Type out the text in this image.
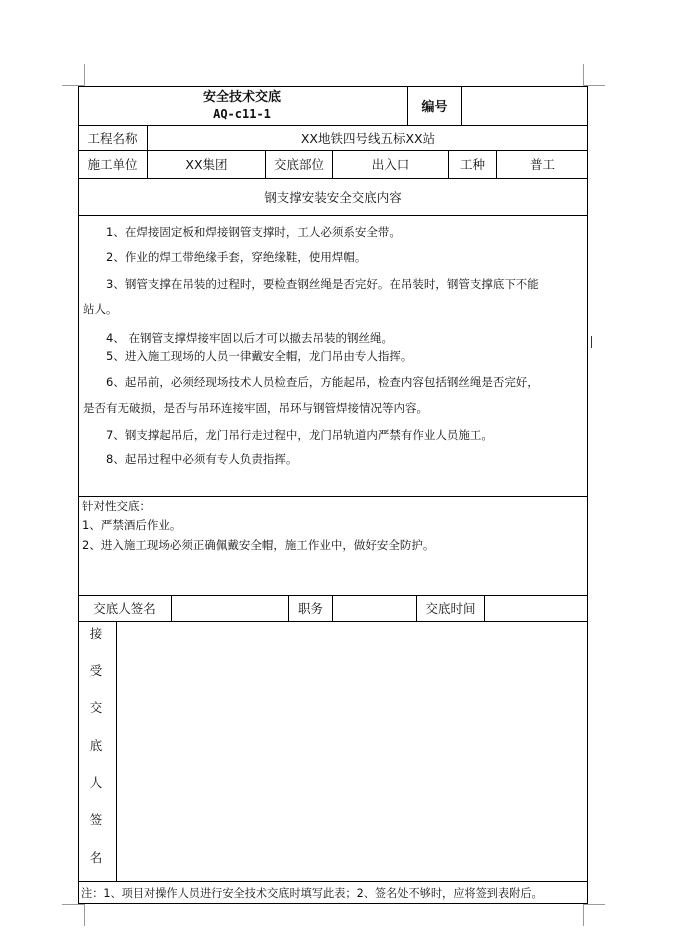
安全技术交底
AQ-c11-1	编号
工程名称	XX地铁四号线五标XX站
施工单位	XX集团	交底部位	出入口	工种	普工
钢支撑安装安全交底内容
1、在焊接固定板和焊接钢管支撑时，工人必须系安全带。
2、作业的焊工带绝缘手套，穿绝缘鞋，使用焊帽。
3、钢管支撑在吊装的过程时，要检查钢丝绳是否完好。在吊装时，钢管支撑底下不能
站人。
4、 在钢管支撑焊接牢固以后才可以撤去吊装的钢丝绳。
5、进入施工现场的人员一律戴安全帽，龙门吊由专人指挥。
6、起吊前，必须经现场技术人员检查后，方能起吊，检查内容包括钢丝绳是否完好，
是否有无破损，是否与吊环连接牢固，吊环与钢管焊接情况等内容。
7、钢支撑起吊后，龙门吊行走过程中，龙门吊轨道内严禁有作业人员施工。
8、起吊过程中必须有专人负责指挥。
针对性交底：
1、严禁酒后作业。
2、进入施工现场必须正确佩戴安全帽，施工作业中，做好安全防护。
交底人签名	职务	交底时间
接
受
交
底
人
签
名
注：1、项目对操作人员进行安全技术交底时填写此表；2、签名处不够时，应将签到表附后。
